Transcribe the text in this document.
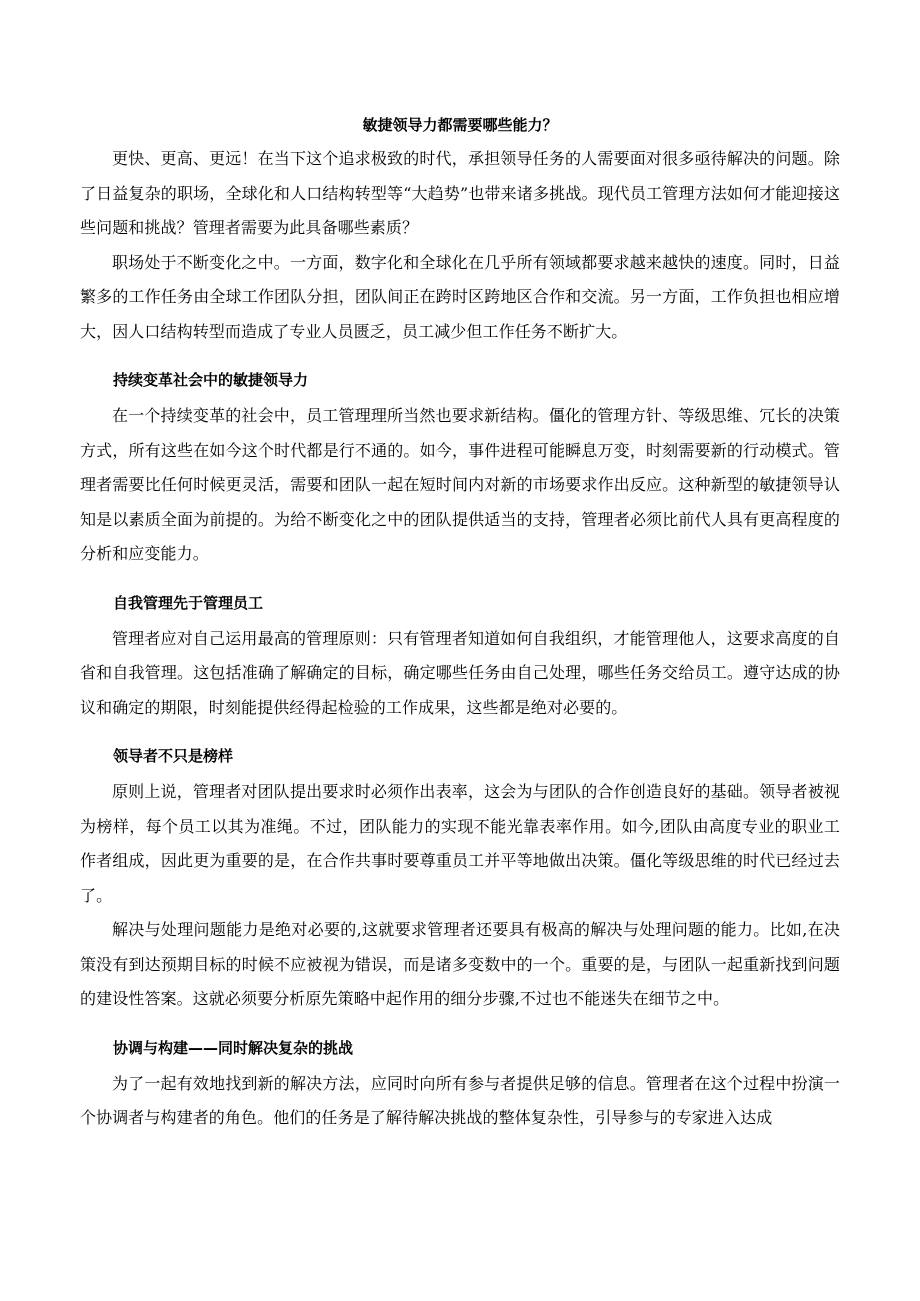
敏捷领导力都需要哪些能力？

更快、更高、更远！在当下这个追求极致的时代，承担领导任务的人需要面对很多亟待解决的问题。除了日益复杂的职场，全球化和人口结构转型等“大趋势”也带来诸多挑战。现代员工管理方法如何才能迎接这些问题和挑战？管理者需要为此具备哪些素质？

职场处于不断变化之中。一方面，数字化和全球化在几乎所有领域都要求越来越快的速度。同时，日益繁多的工作任务由全球工作团队分担，团队间正在跨时区跨地区合作和交流。另一方面，工作负担也相应增大，因人口结构转型而造成了专业人员匮乏，员工减少但工作任务不断扩大。

持续变革社会中的敏捷领导力

在一个持续变革的社会中，员工管理理所当然也要求新结构。僵化的管理方针、等级思维、冗长的决策方式，所有这些在如今这个时代都是行不通的。如今，事件进程可能瞬息万变，时刻需要新的行动模式。管理者需要比任何时候更灵活，需要和团队一起在短时间内对新的市场要求作出反应。这种新型的敏捷领导认知是以素质全面为前提的。为给不断变化之中的团队提供适当的支持，管理者必须比前代人具有更高程度的分析和应变能力。

自我管理先于管理员工

管理者应对自己运用最高的管理原则：只有管理者知道如何自我组织，才能管理他人，这要求高度的自省和自我管理。这包括准确了解确定的目标，确定哪些任务由自己处理，哪些任务交给员工。遵守达成的协议和确定的期限，时刻能提供经得起检验的工作成果，这些都是绝对必要的。

领导者不只是榜样

原则上说，管理者对团队提出要求时必须作出表率，这会为与团队的合作创造良好的基础。领导者被视为榜样，每个员工以其为准绳。不过，团队能力的实现不能光靠表率作用。如今,团队由高度专业的职业工作者组成，因此更为重要的是，在合作共事时要尊重员工并平等地做出决策。僵化等级思维的时代已经过去了。

解决与处理问题能力是绝对必要的,这就要求管理者还要具有极高的解决与处理问题的能力。比如,在决策没有到达预期目标的时候不应被视为错误，而是诸多变数中的一个。重要的是，与团队一起重新找到问题的建设性答案。这就必须要分析原先策略中起作用的细分步骤,不过也不能迷失在细节之中。

协调与构建——同时解决复杂的挑战

为了一起有效地找到新的解决方法，应同时向所有参与者提供足够的信息。管理者在这个过程中扮演一个协调者与构建者的角色。他们的任务是了解待解决挑战的整体复杂性，引导参与的专家进入达成
